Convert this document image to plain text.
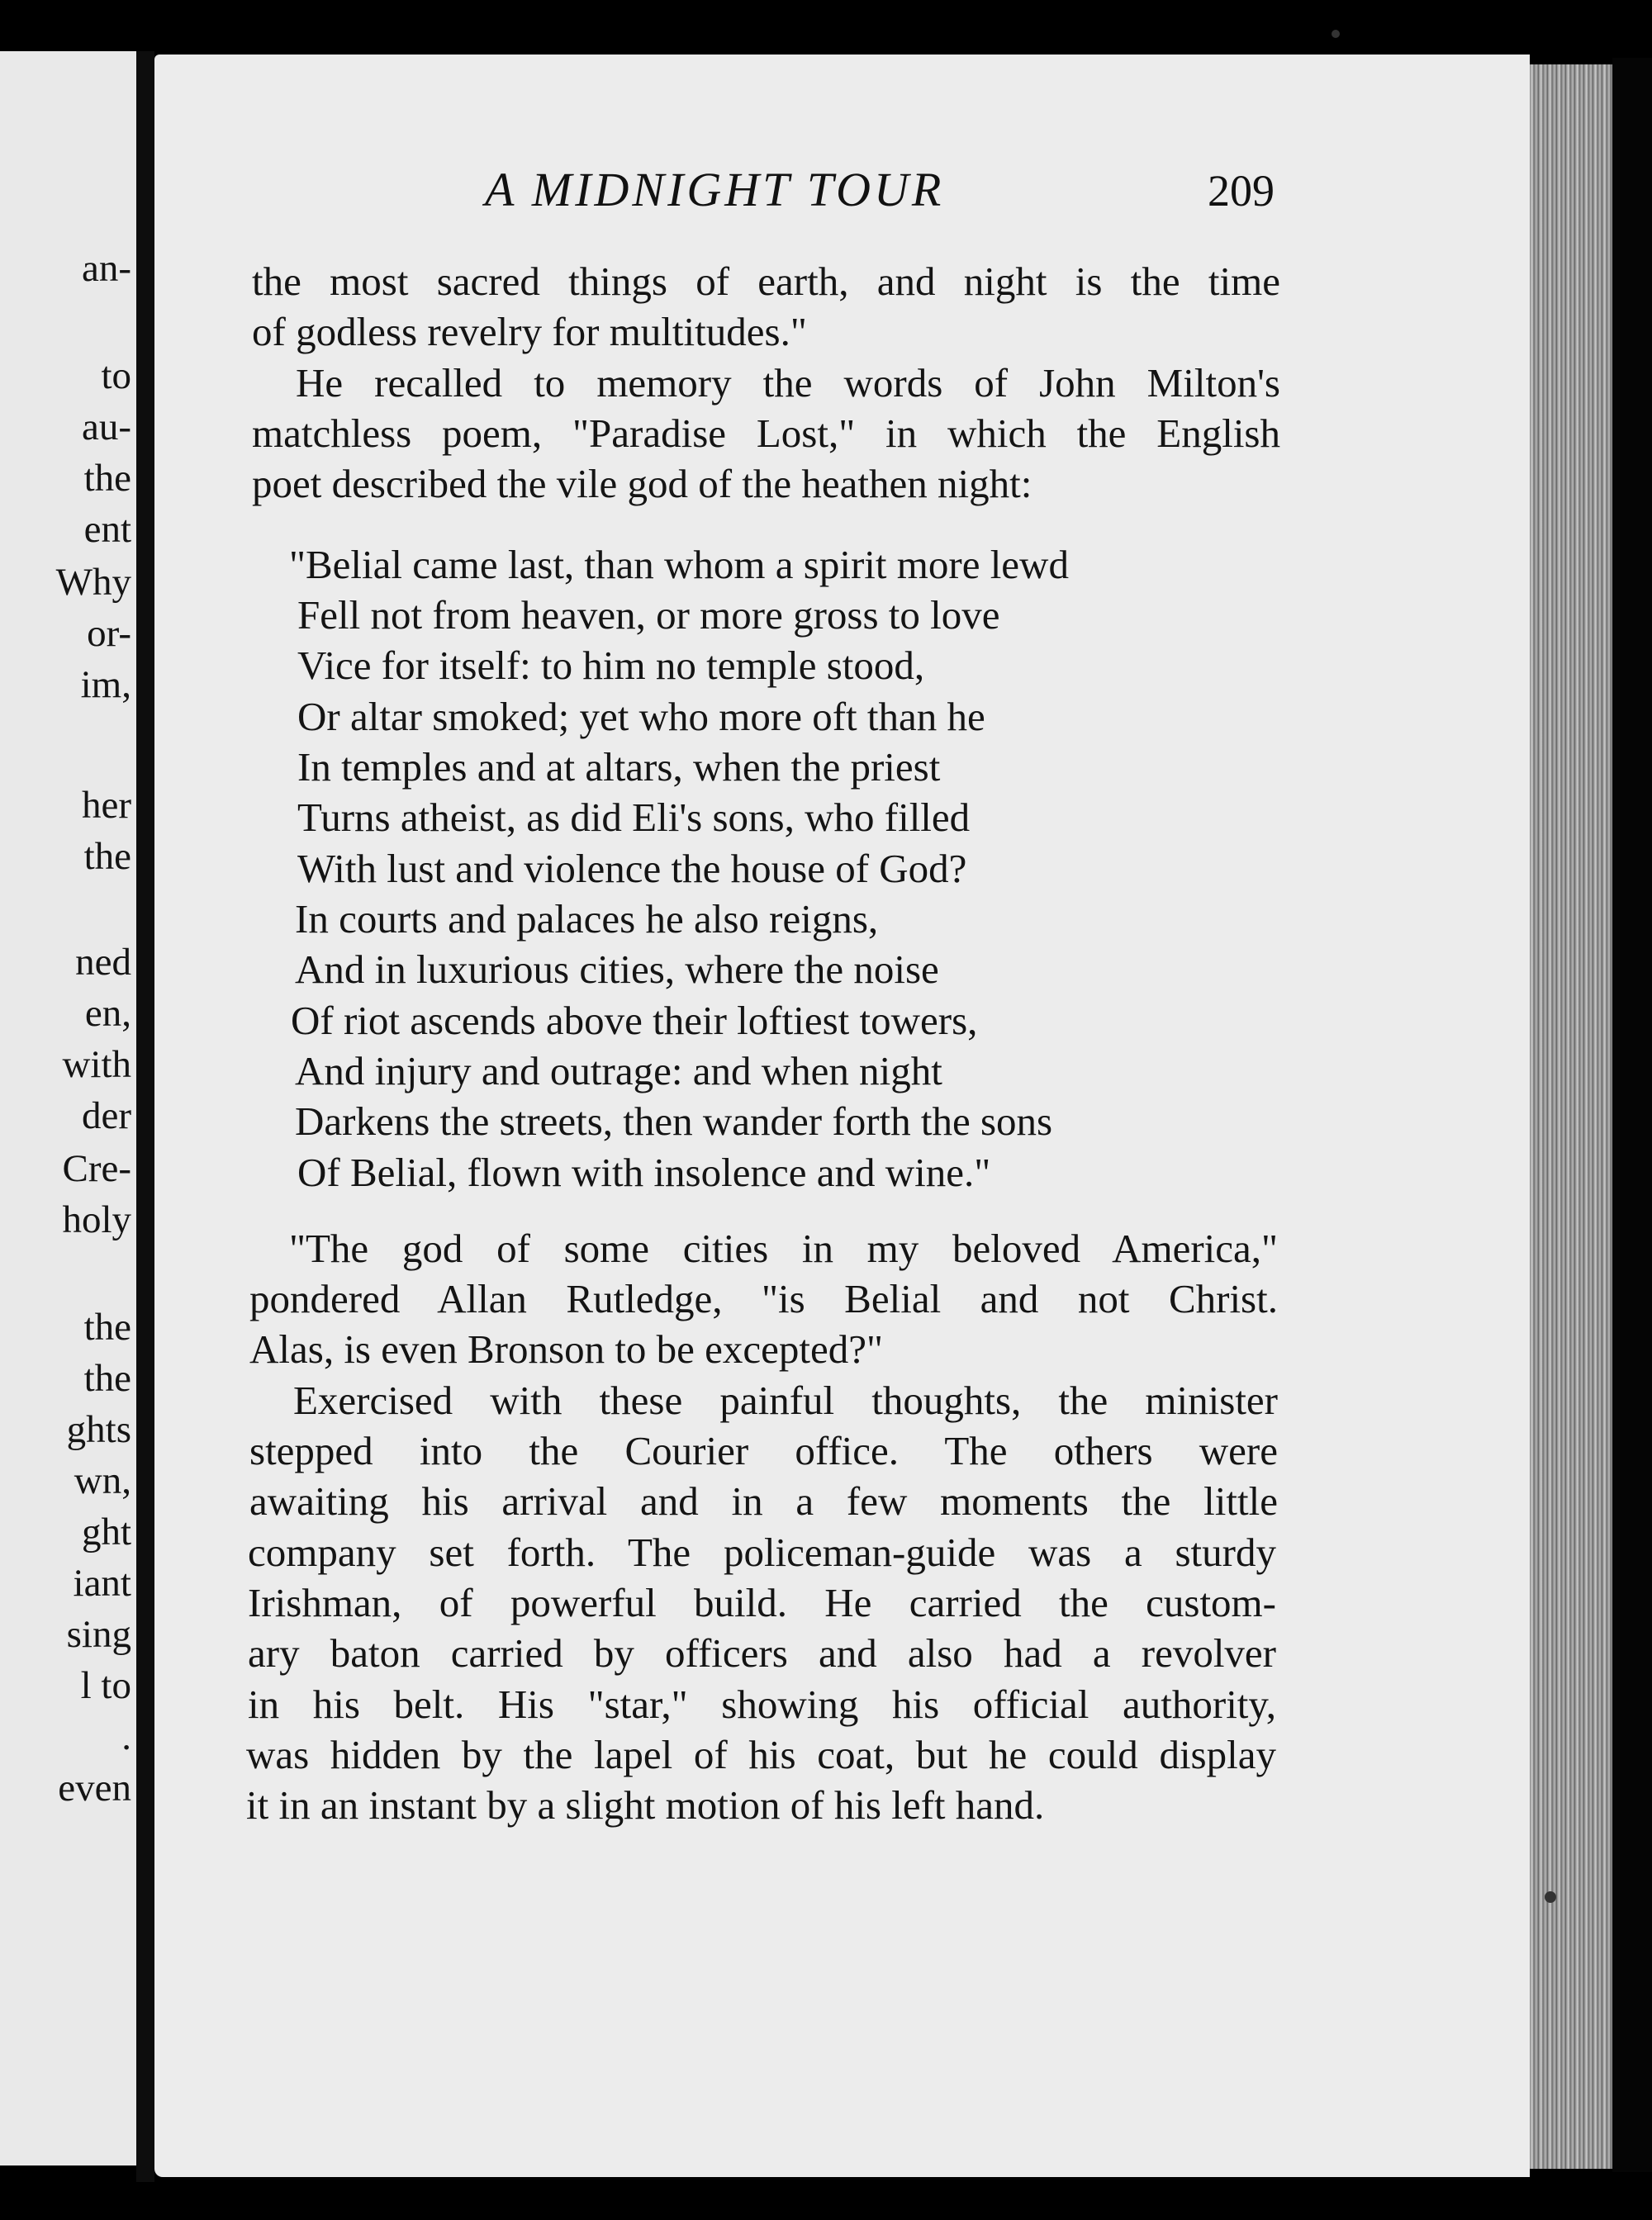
an-
to
au-
the
ent
Why
or-
im,
her
the
ned
en,
with
der
Cre-
holy
the
the
ghts
wn,
ght
iant
sing
l to
.
even
A MIDNIGHT TOUR	209
the most sacred things of earth, and night is the time
of godless revelry for multitudes."
He recalled to memory the words of John Milton's
matchless poem, "Paradise Lost," in which the English
poet described the vile god of the heathen night:
"Belial came last, than whom a spirit more lewd
Fell not from heaven, or more gross to love
Vice for itself: to him no temple stood,
Or altar smoked; yet who more oft than he
In temples and at altars, when the priest
Turns atheist, as did Eli's sons, who filled
With lust and violence the house of God?
In courts and palaces he also reigns,
And in luxurious cities, where the noise
Of riot ascends above their loftiest towers,
And injury and outrage: and when night
Darkens the streets, then wander forth the sons
Of Belial, flown with insolence and wine."
"The god of some cities in my beloved America,"
pondered Allan Rutledge, "is Belial and not Christ.
Alas, is even Bronson to be excepted?"
Exercised with these painful thoughts, the minister
stepped into the Courier office. The others were
awaiting his arrival and in a few moments the little
company set forth. The policeman-guide was a sturdy
Irishman, of powerful build. He carried the custom-
ary baton carried by officers and also had a revolver
in his belt. His "star," showing his official authority,
was hidden by the lapel of his coat, but he could display
it in an instant by a slight motion of his left hand.
